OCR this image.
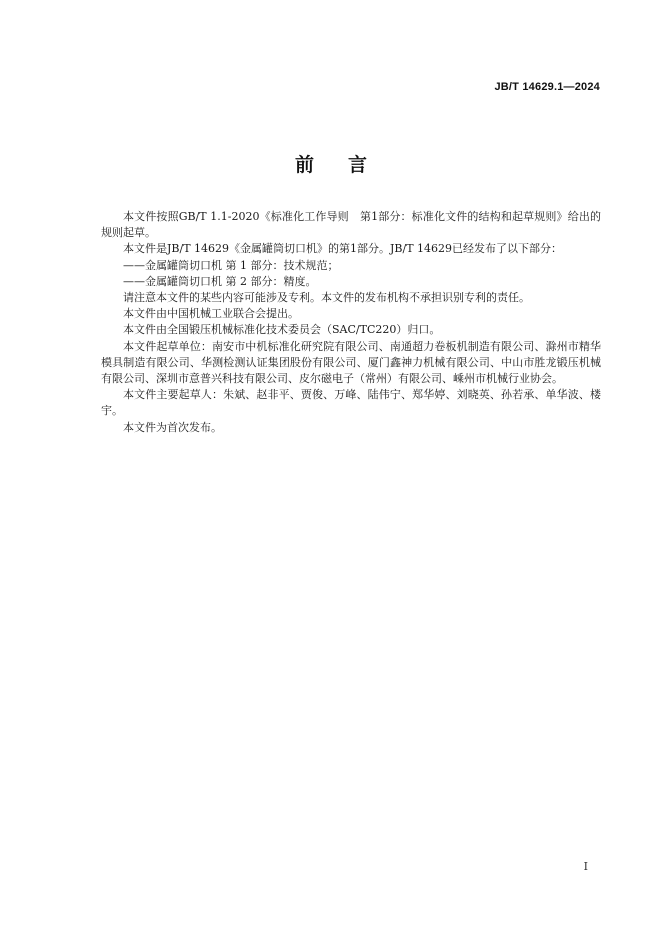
JB/T 14629.1—2024
前言

本文件按照GB/T 1.1-2020《标准化工作导则　第1部分：标准化文件的结构和起草规则》给出的规则起草。

本文件是JB/T 14629《金属罐筒切口机》的第1部分。JB/T 14629已经发布了以下部分：

——金属罐筒切口机 第 1 部分：技术规范；

——金属罐筒切口机 第 2 部分：精度。

请注意本文件的某些内容可能涉及专利。本文件的发布机构不承担识别专利的责任。

本文件由中国机械工业联合会提出。

本文件由全国锻压机械标准化技术委员会（SAC/TC220）归口。

本文件起草单位：南安市中机标准化研究院有限公司、南通超力卷板机制造有限公司、滁州市精华模具制造有限公司、华测检测认证集团股份有限公司、厦门鑫神力机械有限公司、中山市胜龙锻压机械有限公司、深圳市意普兴科技有限公司、皮尔磁电子（常州）有限公司、嵊州市机械行业协会。

本文件主要起草人：朱斌、赵非平、贾俊、万峰、陆伟宁、郑华婷、刘晓英、孙若承、单华波、楼宇。

本文件为首次发布。

I
